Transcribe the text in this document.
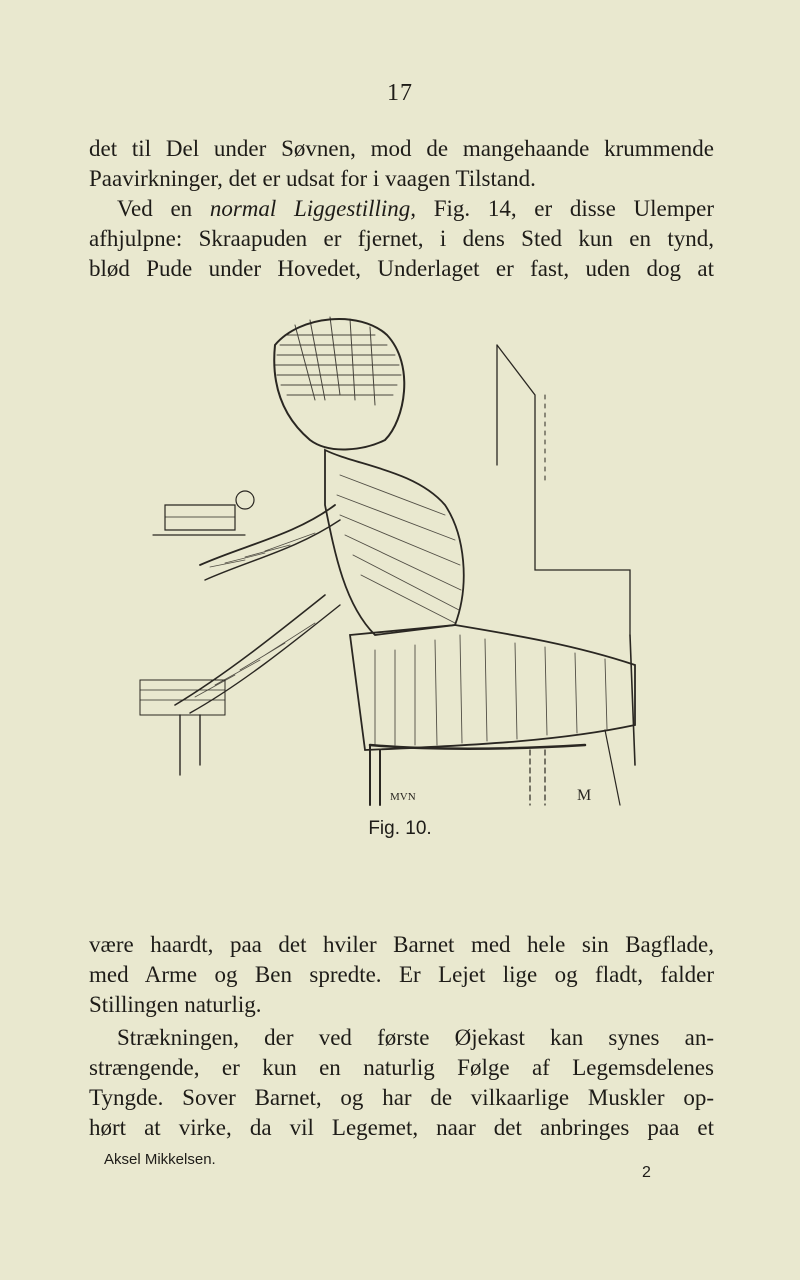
17

det til Del under Søvnen, mod de mangehaande krummende
Paavirkninger, det er udsat for i vaagen Tilstand.
Ved en normal Liggestilling, Fig. 14, er disse Ulemper
afhjulpne: Skraapuden er fjernet, i dens Sted kun en tynd,
blød Pude under Hovedet, Underlaget er fast, uden dog at

MVN	M
Fig. 10.

være haardt, paa det hviler Barnet med hele sin Bagflade,
med Arme og Ben spredte. Er Lejet lige og fladt, falder
Stillingen naturlig.

Strækningen, der ved første Øjekast kan synes an-
strængende, er kun en naturlig Følge af Legemsdelenes
Tyngde. Sover Barnet, og har de vilkaarlige Muskler op-
hørt at virke, da vil Legemet, naar det anbringes paa et

Aksel Mikkelsen.
2
